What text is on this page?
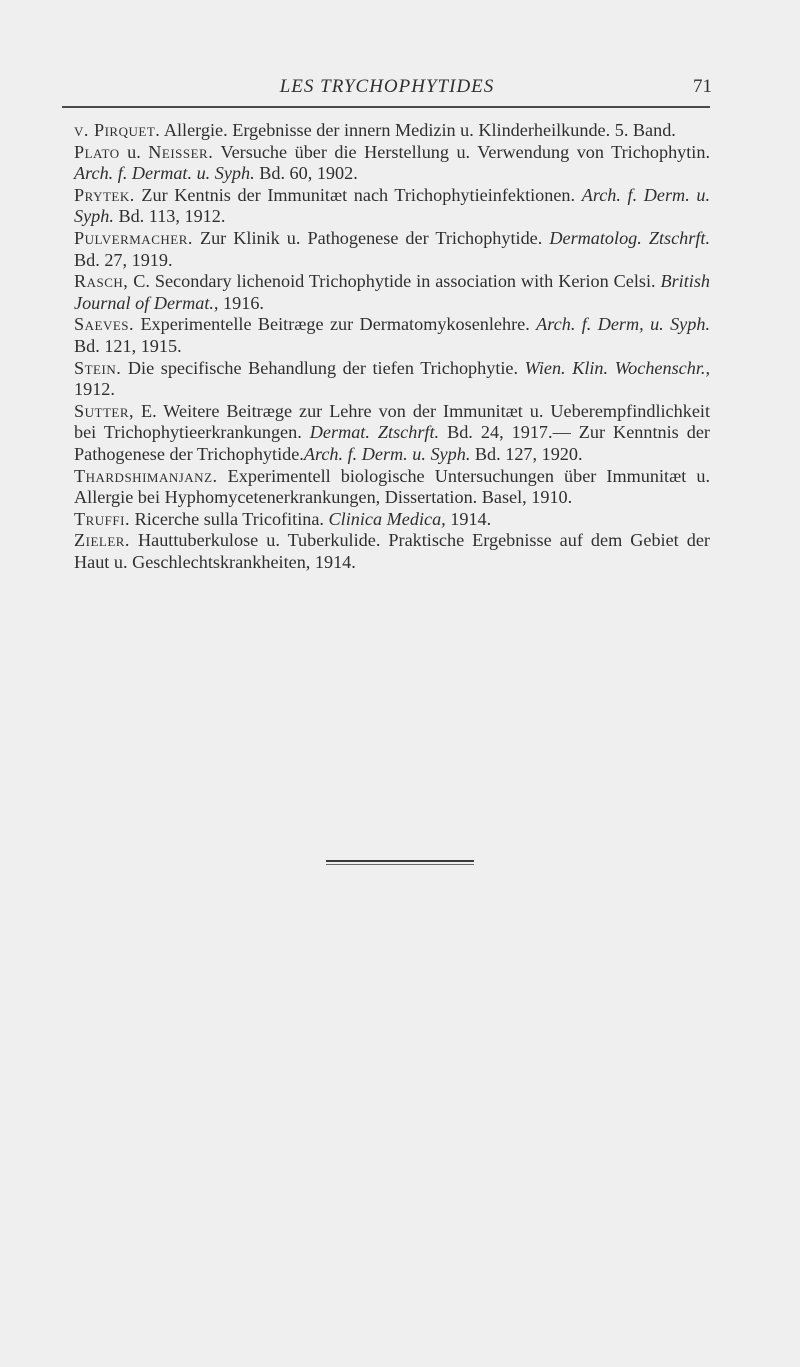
LES TRYCHOPHYTIDES	71

v. Pirquet. Allergie. Ergebnisse der innern Medizin u. Klinderheilkunde. 5. Band.

Plato u. Neisser. Versuche über die Herstellung u. Verwendung von Trichophytin. Arch. f. Dermat. u. Syph. Bd. 60, 1902.

Prytek. Zur Kentnis der Immunitæt nach Trichophytieinfektionen. Arch. f. Derm. u. Syph. Bd. 113, 1912.

Pulvermacher. Zur Klinik u. Pathogenese der Trichophytide. Dermatolog. Ztschrft. Bd. 27, 1919.

Rasch, C. Secondary lichenoid Trichophytide in association with Kerion Celsi. British Journal of Dermat., 1916.

Saeves. Experimentelle Beitræge zur Dermatomykosenlehre. Arch. f. Derm, u. Syph. Bd. 121, 1915.

Stein. Die specifische Behandlung der tiefen Trichophytie. Wien. Klin. Wochenschr., 1912.

Sutter, E. Weitere Beitræge zur Lehre von der Immunitæt u. Ueberempfindlichkeit bei Trichophytieerkrankungen. Dermat. Ztschrft. Bd. 24, 1917.— Zur Kenntnis der Pathogenese der Trichophytide.Arch. f. Derm. u. Syph. Bd. 127, 1920.

Thardshimanjanz. Experimentell biologische Untersuchungen über Immunitæt u. Allergie bei Hyphomycetenerkrankungen, Dissertation. Basel, 1910.

Truffi. Ricerche sulla Tricofitina. Clinica Medica, 1914.

Zieler. Hauttuberkulose u. Tuberkulide. Praktische Ergebnisse auf dem Gebiet der Haut u. Geschlechtskrankheiten, 1914.
